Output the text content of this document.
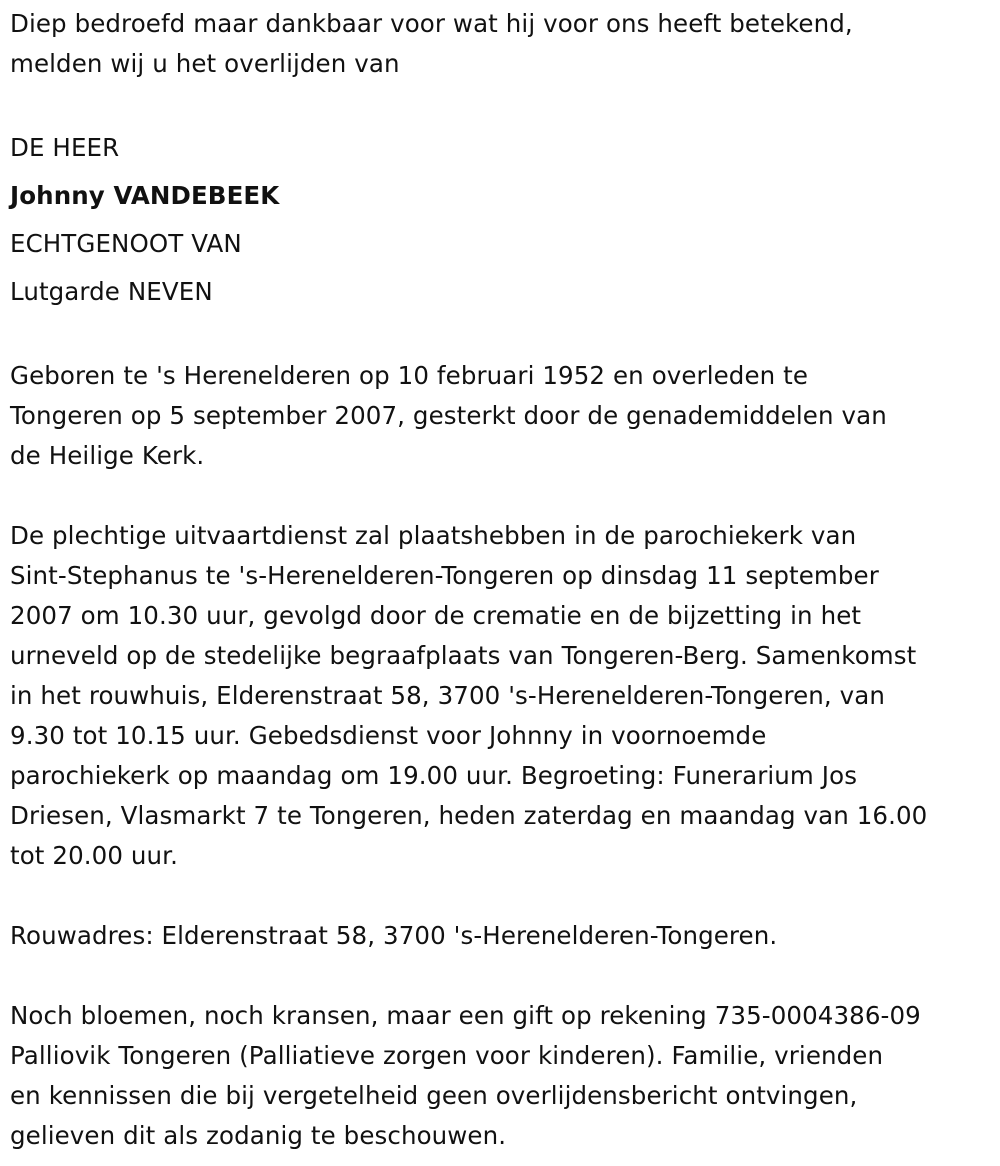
Diep bedroefd maar dankbaar voor wat hij voor ons heeft betekend,
melden wij u het overlijden van
DE HEER
Johnny VANDEBEEK
ECHTGENOOT VAN
Lutgarde NEVEN
Geboren te 's Herenelderen op 10 februari 1952 en overleden te
Tongeren op 5 september 2007, gesterkt door de genademiddelen van
de Heilige Kerk.
De plechtige uitvaartdienst zal plaatshebben in de parochiekerk van
Sint-Stephanus te 's-Herenelderen-Tongeren op dinsdag 11 september
2007 om 10.30 uur, gevolgd door de crematie en de bijzetting in het
urneveld op de stedelijke begraafplaats van Tongeren-Berg. Samenkomst
in het rouwhuis, Elderenstraat 58, 3700 's-Herenelderen-Tongeren, van
9.30 tot 10.15 uur. Gebedsdienst voor Johnny in voornoemde
parochiekerk op maandag om 19.00 uur. Begroeting: Funerarium Jos
Driesen, Vlasmarkt 7 te Tongeren, heden zaterdag en maandag van 16.00
tot 20.00 uur.
Rouwadres: Elderenstraat 58, 3700 's-Herenelderen-Tongeren.
Noch bloemen, noch kransen, maar een gift op rekening 735-0004386-09
Palliovik Tongeren (Palliatieve zorgen voor kinderen). Familie, vrienden
en kennissen die bij vergetelheid geen overlijdensbericht ontvingen,
gelieven dit als zodanig te beschouwen.
